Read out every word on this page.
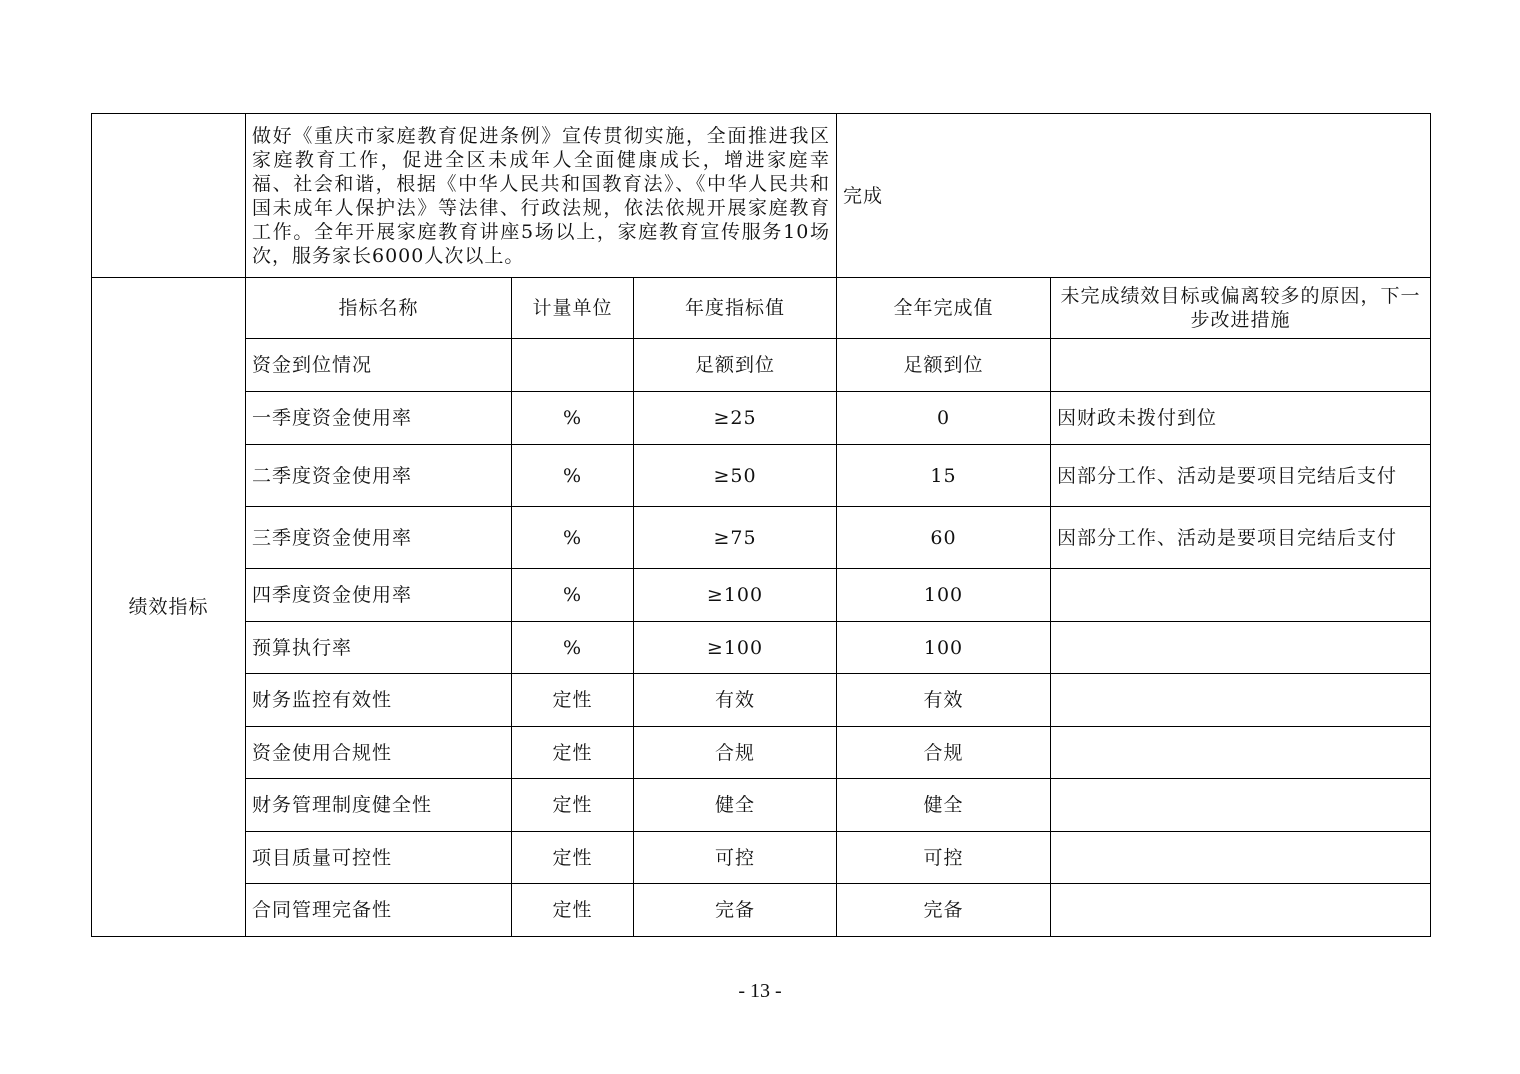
	做好《重庆市家庭教育促进条例》宣传贯彻实施，全面推进我区家庭教育工作，促进全区未成年人全面健康成长，增进家庭幸福、社会和谐，根据《中华人民共和国教育法》、《中华人民共和国未成年人保护法》等法律、行政法规，依法依规开展家庭教育工作。全年开展家庭教育讲座5场以上，家庭教育宣传服务10场次，服务家长6000人次以上。			完成	
绩效指标	指标名称	计量单位	年度指标值	全年完成值	未完成绩效目标或偏离较多的原因，下一步改进措施
	资金到位情况		足额到位	足额到位	
	一季度资金使用率	%	≥25	0	因财政未拨付到位
	二季度资金使用率	%	≥50	15	因部分工作、活动是要项目完结后支付
	三季度资金使用率	%	≥75	60	因部分工作、活动是要项目完结后支付
	四季度资金使用率	%	≥100	100	
	预算执行率	%	≥100	100	
	财务监控有效性	定性	有效	有效	
	资金使用合规性	定性	合规	合规	
	财务管理制度健全性	定性	健全	健全	
	项目质量可控性	定性	可控	可控	
	合同管理完备性	定性	完备	完备	
- 13 -
